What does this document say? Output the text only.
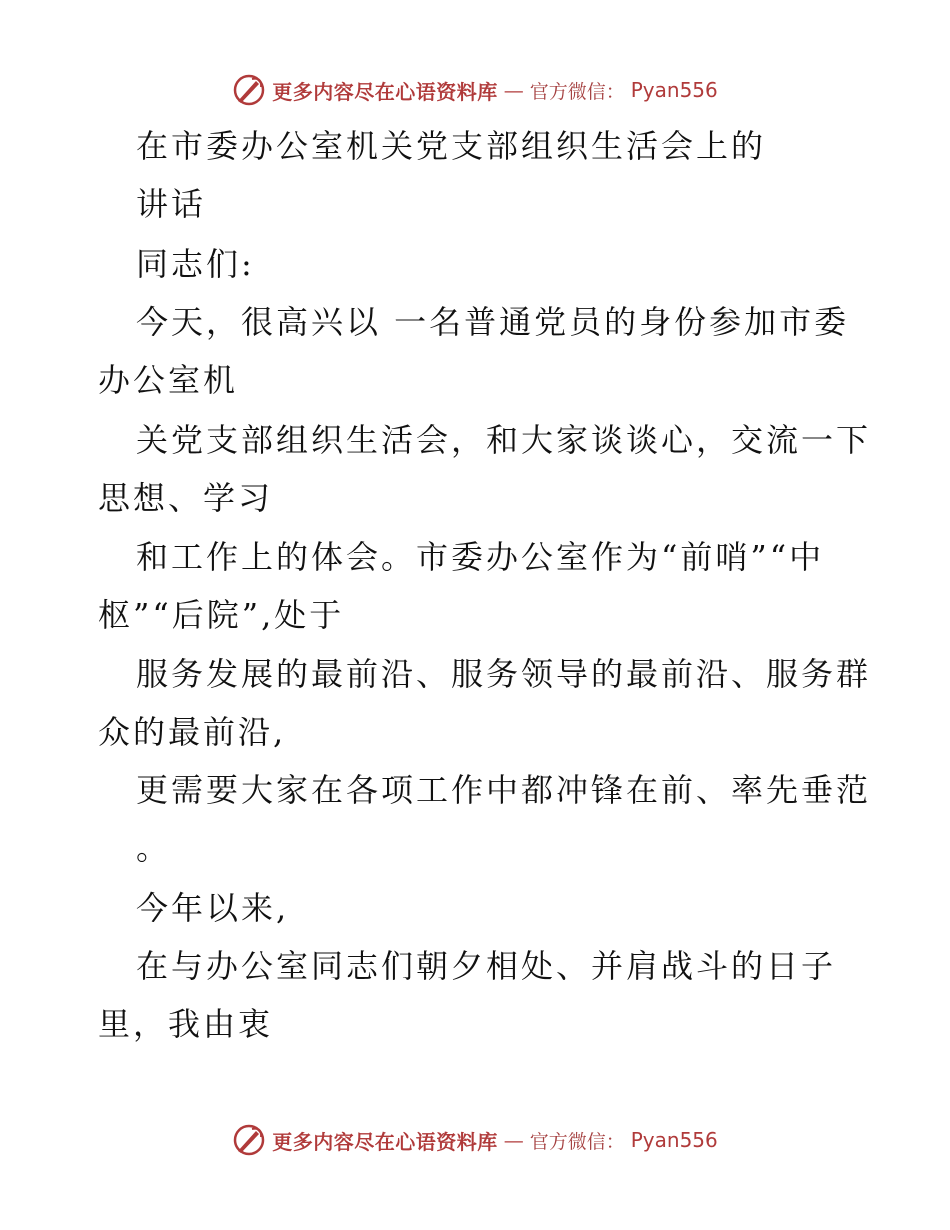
更多内容尽在心语资料库 — 官方微信： Pyan556
在市委办公室机关党支部组织生活会上的
讲话
同志们:
今天，很高兴以 一名普通党员的身份参加市委
办公室机
关党支部组织生活会，和大家谈谈心，交流一下
思想、学习
和工作上的体会。市委办公室作为“前哨”“中
枢”“后院”,处于
服务发展的最前沿、服务领导的最前沿、服务群
众的最前沿,
更需要大家在各项工作中都冲锋在前、率先垂范
。
今年以来,
在与办公室同志们朝夕相处、并肩战斗的日子
里，我由衷
更多内容尽在心语资料库 — 官方微信： Pyan556
